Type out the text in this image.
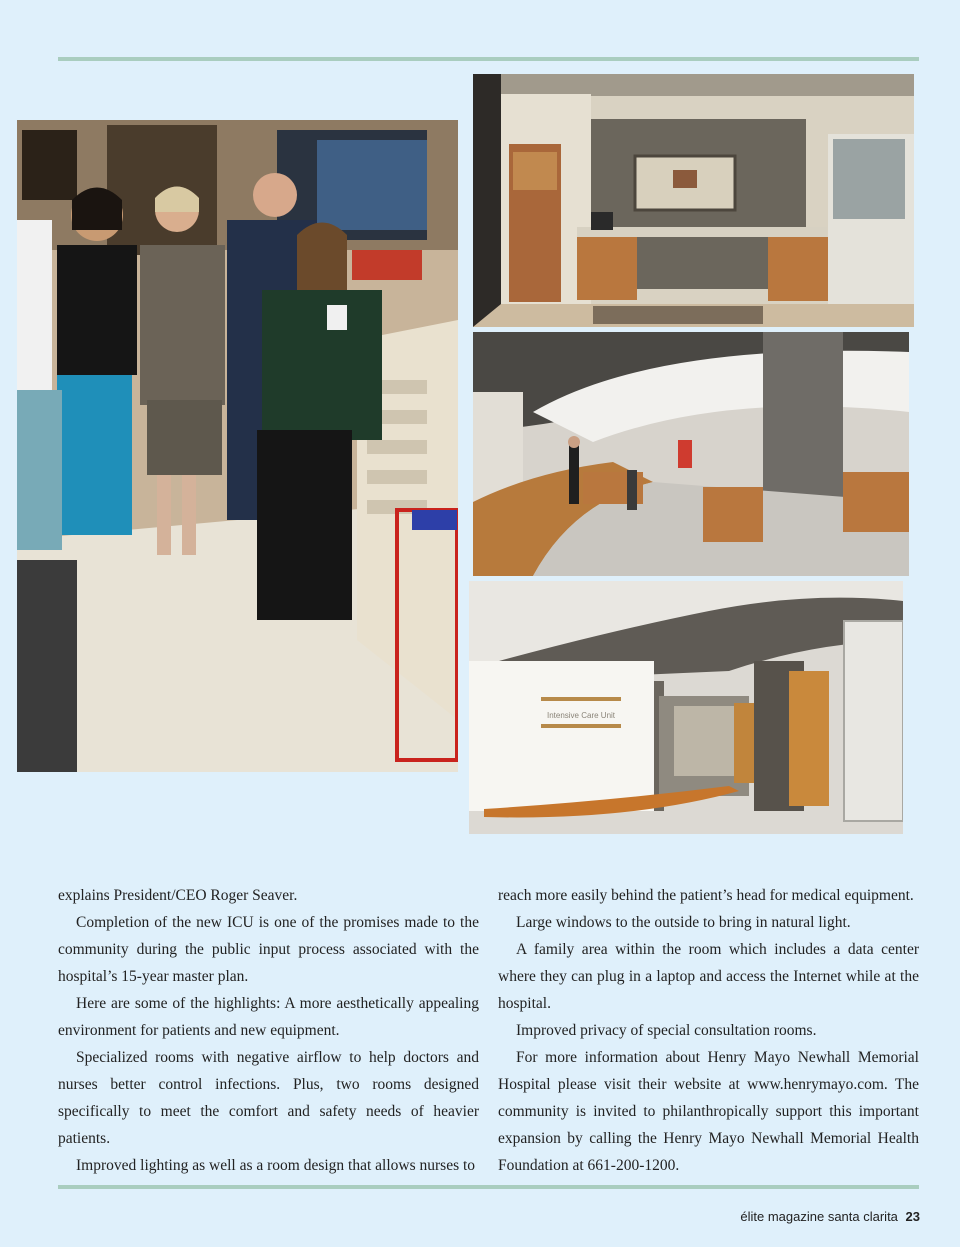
Intensive Care Unit

explains President/CEO Roger Seaver.

Completion of the new ICU is one of the promises made to the community during the public input process associated with the hospital’s 15-year master plan.

Here are some of the highlights: A more aesthetically appealing environment for patients and new equipment.

Specialized rooms with negative airflow to help doctors and nurses better control infections. Plus, two rooms designed specifically to meet the comfort and safety needs of heavier patients.

Improved lighting as well as a room design that allows nurses to

reach more easily behind the patient’s head for medical equipment.

Large windows to the outside to bring in natural light.

A family area within the room which includes a data center where they can plug in a laptop and access the Internet while at the hospital.

Improved privacy of special consultation rooms.

For more information about Henry Mayo Newhall Memorial Hospital please visit their website at www.henrymayo.com. The community is invited to philanthropically support this important expansion by calling the Henry Mayo Newhall Memorial Health Foundation at 661-200-1200.

élite magazine santa clarita 23
